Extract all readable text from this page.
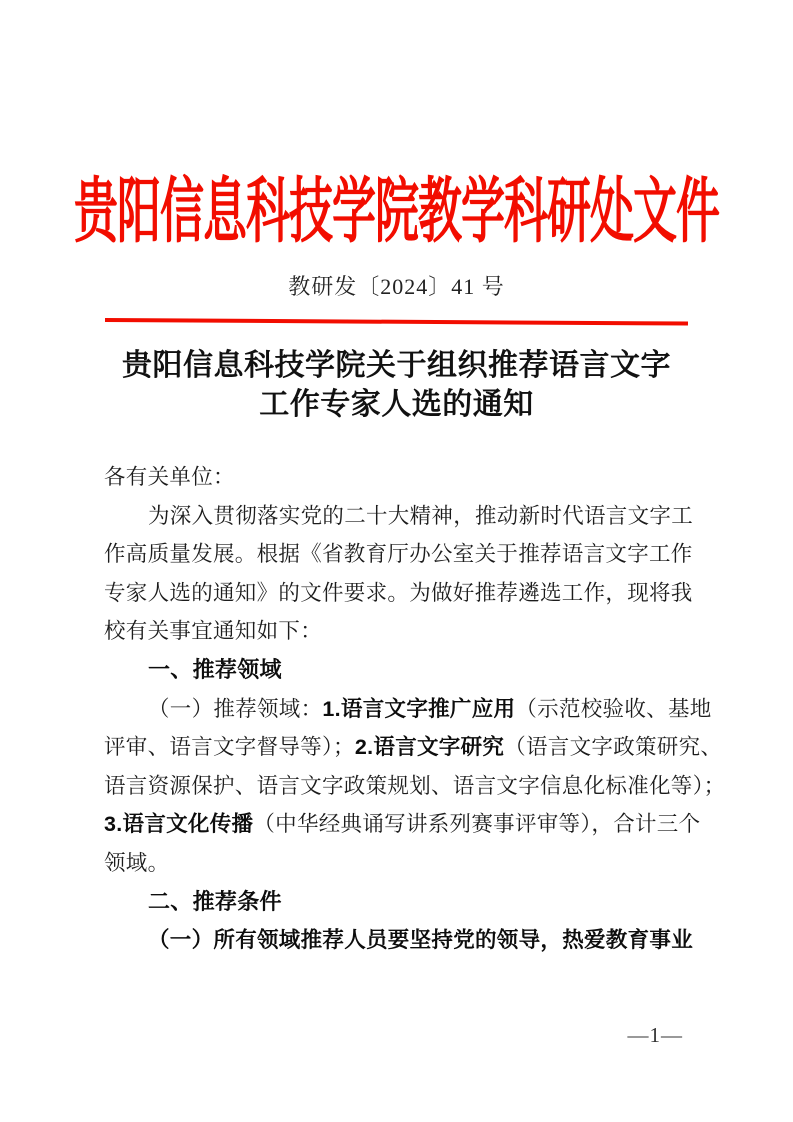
贵阳信息科技学院教学科研处文件
教研发〔2024〕41 号
贵阳信息科技学院关于组织推荐语言文字
工作专家人选的通知
各有关单位：
为深入贯彻落实党的二十大精神，推动新时代语言文字工
作高质量发展。根据《省教育厅办公室关于推荐语言文字工作
专家人选的通知》的文件要求。为做好推荐遴选工作，现将我
校有关事宜通知如下：
一、推荐领域
（一）推荐领域：1.语言文字推广应用（示范校验收、基地
评审、语言文字督导等）；2.语言文字研究（语言文字政策研究、
语言资源保护、语言文字政策规划、语言文字信息化标准化等）；
3.语言文化传播（中华经典诵写讲系列赛事评审等），合计三个
领域。
二、推荐条件
（一）所有领域推荐人员要坚持党的领导，热爱教育事业
—1—
